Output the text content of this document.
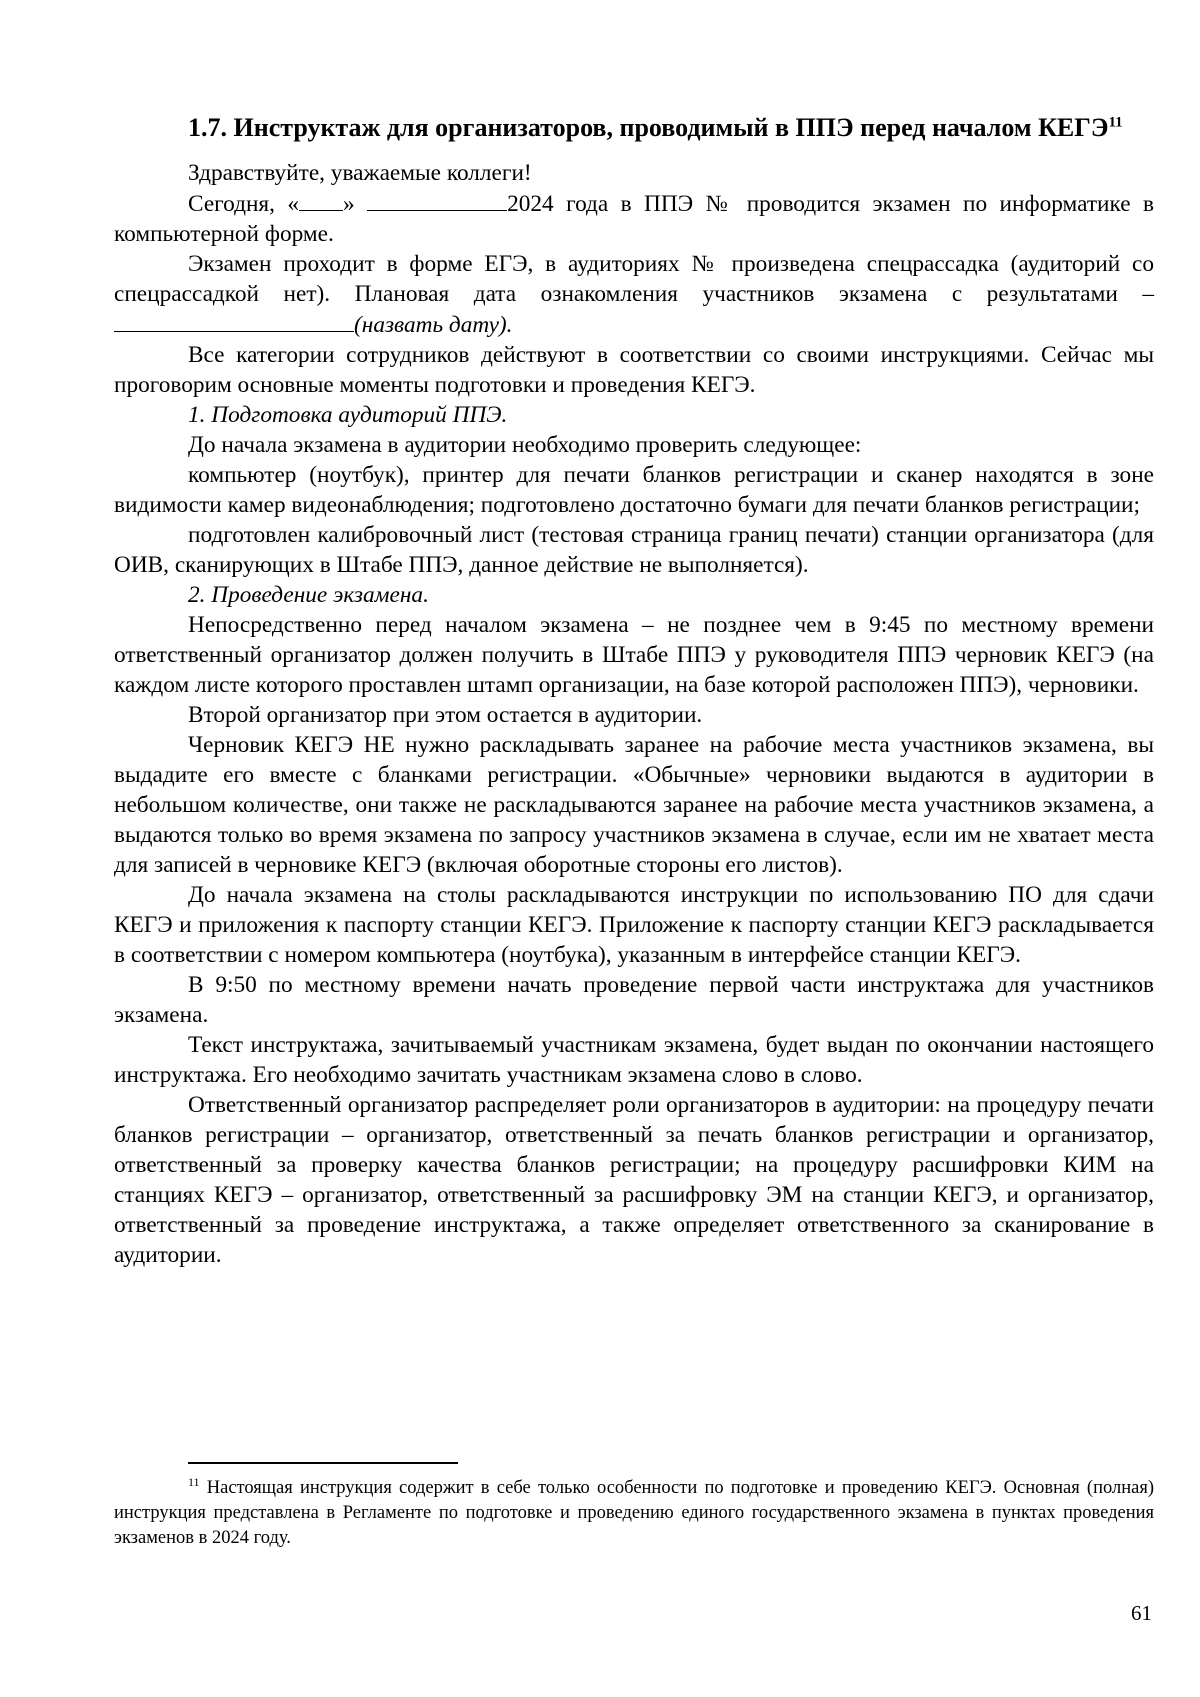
1.7. Инструктаж для организаторов, проводимый в ППЭ перед началом КЕГЭ$^{11}$

Здравствуйте, уважаемые коллеги!

Сегодня, « »	2024 года в ППЭ № проводится экзамен по информатике в компьютерной форме.

Экзамен проходит в форме ЕГЭ, в аудиториях № произведена спецрассадка (аудиторий со спецрассадкой нет). Плановая дата ознакомления участников экзамена с результатами –(назвать дату).

Все категории сотрудников действуют в соответствии со своими инструкциями. Сейчас мы проговорим основные моменты подготовки и проведения КЕГЭ.

1. Подготовка аудиторий ППЭ.

До начала экзамена в аудитории необходимо проверить следующее:

компьютер (ноутбук), принтер для печати бланков регистрации и сканер находятся в зоне видимости камер видеонаблюдения; подготовлено достаточно бумаги для печати бланков регистрации;

подготовлен калибровочный лист (тестовая страница границ печати) станции организатора (для ОИВ, сканирующих в Штабе ППЭ, данное действие не выполняется).

2. Проведение экзамена.

Непосредственно перед началом экзамена – не позднее чем в 9:45 по местному времени ответственный организатор должен получить в Штабе ППЭ у руководителя ППЭ черновик КЕГЭ (на каждом листе которого проставлен штамп организации, на базе которой расположен ППЭ), черновики.

Второй организатор при этом остается в аудитории.

Черновик КЕГЭ НЕ нужно раскладывать заранее на рабочие места участников экзамена, вы выдадите его вместе с бланками регистрации. «Обычные» черновики выдаются в аудитории в небольшом количестве, они также не раскладываются заранее на рабочие места участников экзамена, а выдаются только во время экзамена по запросу участников экзамена в случае, если им не хватает места для записей в черновике КЕГЭ (включая оборотные стороны его листов).

До начала экзамена на столы раскладываются инструкции по использованию ПО для сдачи КЕГЭ и приложения к паспорту станции КЕГЭ. Приложение к паспорту станции КЕГЭ раскладывается в соответствии с номером компьютера (ноутбука), указанным в интерфейсе станции КЕГЭ.

В 9:50 по местному времени начать проведение первой части инструктажа для участников экзамена.

Текст инструктажа, зачитываемый участникам экзамена, будет выдан по окончании настоящего инструктажа. Его необходимо зачитать участникам экзамена слово в слово.

Ответственный организатор распределяет роли организаторов в аудитории: на процедуру печати бланков регистрации – организатор, ответственный за печать бланков регистрации и организатор, ответственный за проверку качества бланков регистрации; на процедуру расшифровки КИМ на станциях КЕГЭ – организатор, ответственный за расшифровку ЭМ на станции КЕГЭ, и организатор, ответственный за проведение инструктажа, а также определяет ответственного за сканирование в аудитории.

$^{11}$ Настоящая инструкция содержит в себе только особенности по подготовке и проведению КЕГЭ. Основная (полная) инструкция представлена в Регламенте по подготовке и проведению единого государственного экзамена в пунктах проведения экзаменов в 2024 году.
61
